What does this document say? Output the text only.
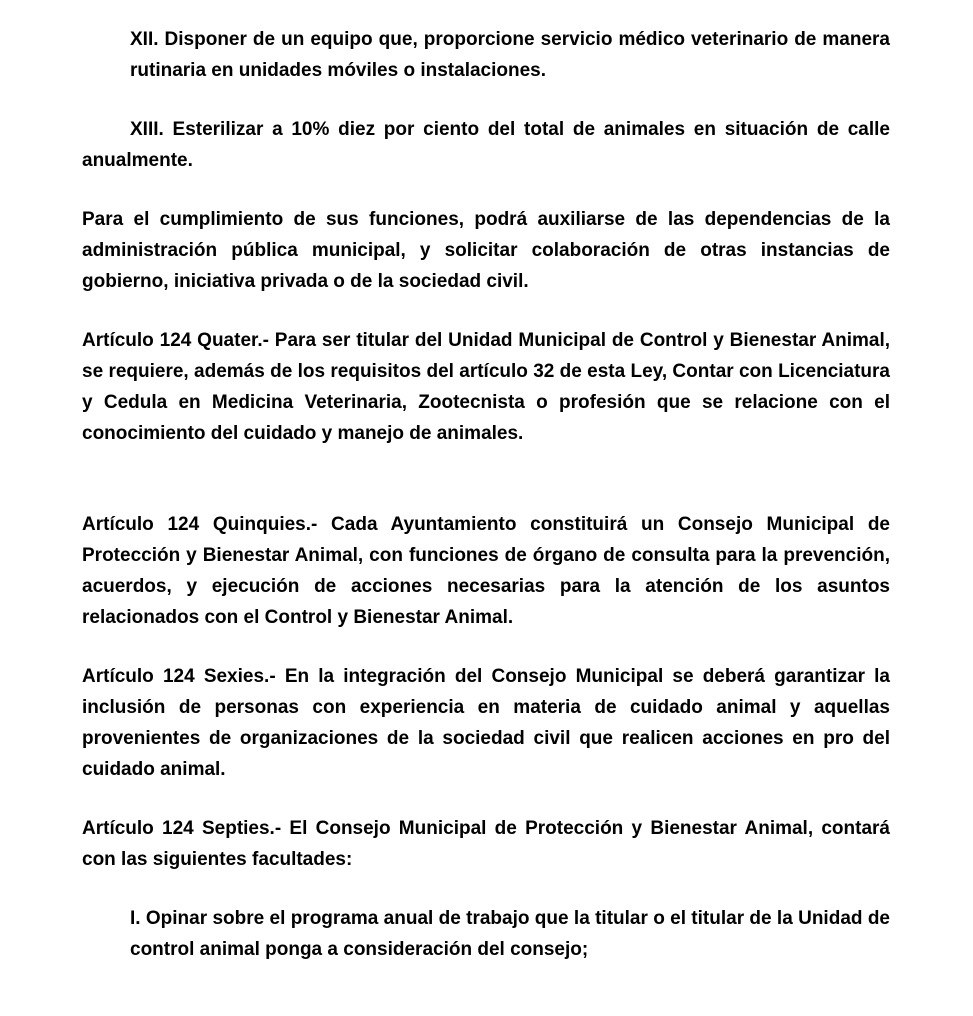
XII. Disponer de un equipo que, proporcione servicio médico veterinario de manera rutinaria en unidades móviles o instalaciones.

XIII. Esterilizar a 10% diez por ciento del total de animales en situación de calle anualmente.

Para el cumplimiento de sus funciones, podrá auxiliarse de las dependencias de la administración pública municipal, y solicitar colaboración de otras instancias de gobierno, iniciativa privada o de la sociedad civil.

Artículo 124 Quater.- Para ser titular del Unidad Municipal de Control y Bienestar Animal, se requiere, además de los requisitos del artículo 32 de esta Ley, Contar con Licenciatura y Cedula en Medicina Veterinaria, Zootecnista o profesión que se relacione con el conocimiento del cuidado y manejo de animales.

Artículo 124 Quinquies.- Cada Ayuntamiento constituirá un Consejo Municipal de Protección y Bienestar Animal, con funciones de órgano de consulta para la prevención, acuerdos, y ejecución de acciones necesarias para la atención de los asuntos relacionados con el Control y Bienestar Animal.

Artículo 124 Sexies.- En la integración del Consejo Municipal se deberá garantizar la inclusión de personas con experiencia en materia de cuidado animal y aquellas provenientes de organizaciones de la sociedad civil que realicen acciones en pro del cuidado animal.

Artículo 124 Septies.- El Consejo Municipal de Protección y Bienestar Animal, contará con las siguientes facultades:

I. Opinar sobre el programa anual de trabajo que la titular o el titular de la Unidad de control animal ponga a consideración del consejo;
